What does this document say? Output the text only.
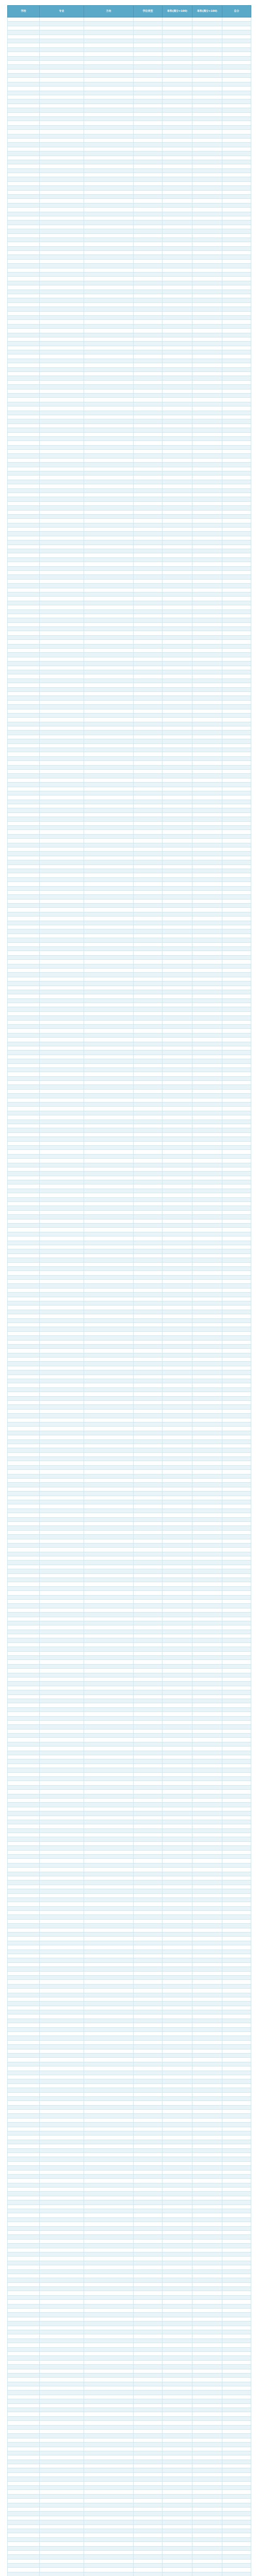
学校	专业	方向	学位类型	单科(满分=100)	单科(满分>100)	总分
